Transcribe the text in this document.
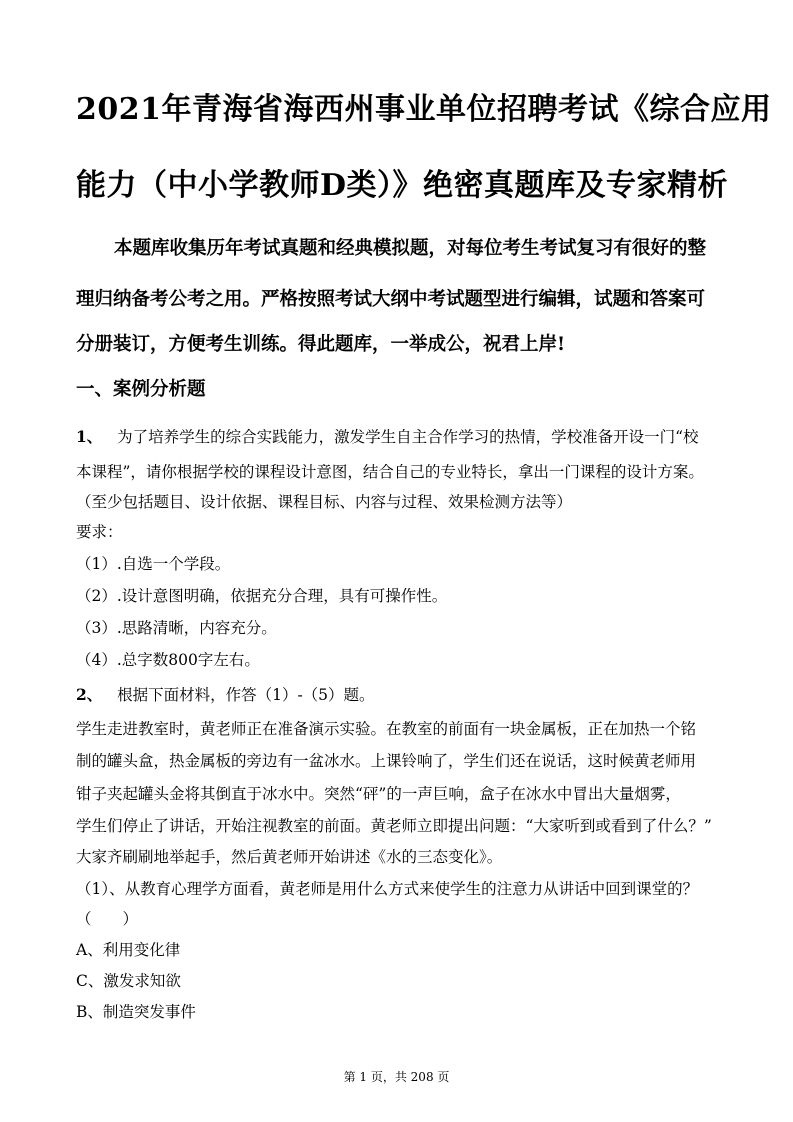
2021年青海省海西州事业单位招聘考试《综合应用
能力（中小学教师D类）》绝密真题库及专家精析

本题库收集历年考试真题和经典模拟题，对每位考生考试复习有很好的整

理归纳备考公考之用。严格按照考试大纲中考试题型进行编辑，试题和答案可

分册装订，方便考生训练。得此题库，一举成公，祝君上岸!

一、案例分析题

1、 为了培养学生的综合实践能力，激发学生自主合作学习的热情，学校准备开设一门“校

本课程”，请你根据学校的课程设计意图，结合自己的专业特长，拿出一门课程的设计方案。

（至少包括题目、设计依据、课程目标、内容与过程、效果检测方法等）

要求：

（1）.自选一个学段。

（2）.设计意图明确，依据充分合理，具有可操作性。

（3）.思路清晰，内容充分。

（4）.总字数800字左右。

2、 根据下面材料，作答（1）-（5）题。

学生走进教室时，黄老师正在准备演示实验。在教室的前面有一块金属板，正在加热一个铭

制的罐头盒，热金属板的旁边有一盆冰水。上课铃响了，学生们还在说话，这时候黄老师用

钳子夹起罐头金将其倒直于冰水中。突然“砰”的一声巨响，盒子在冰水中冒出大量烟雾，

学生们停止了讲话，开始注视教室的前面。黄老师立即提出问题：“大家听到或看到了什么？”

大家齐刷刷地举起手，然后黄老师开始讲述《水的三态变化》。

（1）、从教育心理学方面看，黄老师是用什么方式来使学生的注意力从讲话中回到课堂的？

（　　）

A、利用变化律

C、激发求知欲

B、制造突发事件

第 1 页，共 208 页
